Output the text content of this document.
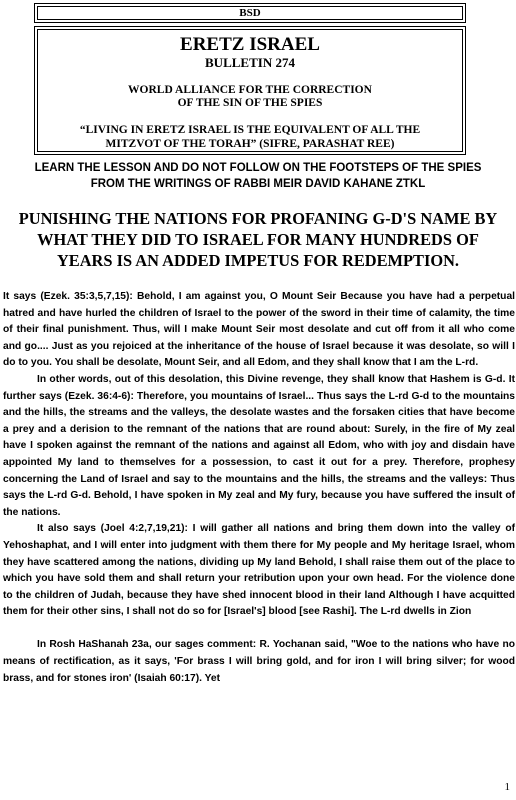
BSD
ERETZ ISRAEL
BULLETIN 274
WORLD ALLIANCE FOR THE CORRECTION
OF THE SIN OF THE SPIES
“LIVING IN ERETZ ISRAEL IS THE EQUIVALENT OF ALL THE
MITZVOT OF THE TORAH” (SIFRE, PARASHAT REE)
LEARN THE LESSON AND DO NOT FOLLOW ON THE FOOTSTEPS OF THE SPIES
FROM THE WRITINGS OF RABBI MEIR DAVID KAHANE ZTKL
PUNISHING THE NATIONS FOR PROFANING G-D'S NAME BY
WHAT THEY DID TO ISRAEL FOR MANY HUNDREDS OF
YEARS IS AN ADDED IMPETUS FOR REDEMPTION.

It says (Ezek. 35:3,5,7,15): Behold, I am against you, O Mount Seir Because you have had a perpetual hatred and have hurled the children of Israel to the power of the sword in their time of calamity, the time of their final punishment. Thus, will I make Mount Seir most desolate and cut off from it all who come and go.... Just as you rejoiced at the inheritance of the house of Israel because it was desolate, so will I do to you. You shall be desolate, Mount Seir, and all Edom, and they shall know that I am the L-rd.

In other words, out of this desolation, this Divine revenge, they shall know that Hashem is G-d. It further says (Ezek. 36:4-6): Therefore, you mountains of Israel... Thus says the L-rd G-d to the mountains and the hills, the streams and the valleys, the desolate wastes and the forsaken cities that have become a prey and a derision to the remnant of the nations that are round about: Surely, in the fire of My zeal have I spoken against the remnant of the nations and against all Edom, who with joy and disdain have appointed My land to themselves for a possession, to cast it out for a prey. Therefore, prophesy concerning the Land of Israel and say to the mountains and the hills, the streams and the valleys: Thus says the L-rd G-d. Behold, I have spoken in My zeal and My fury, because you have suffered the insult of the nations.

It also says (Joel 4:2,7,19,21): I will gather all nations and bring them down into the valley of Yehoshaphat, and I will enter into judgment with them there for My people and My heritage Israel, whom they have scattered among the nations, dividing up My land Behold, I shall raise them out of the place to which you have sold them and shall return your retribution upon your own head. For the violence done to the children of Judah, because they have shed innocent blood in their land Although I have acquitted them for their other sins, I shall not do so for [Israel's] blood [see Rashi]. The L-rd dwells in Zion

In Rosh HaShanah 23a, our sages comment: R. Yochanan said, "Woe to the nations who have no means of rectification, as it says, 'For brass I will bring gold, and for iron I will bring silver; for wood brass, and for stones iron' (Isaiah 60:17). Yet

1
